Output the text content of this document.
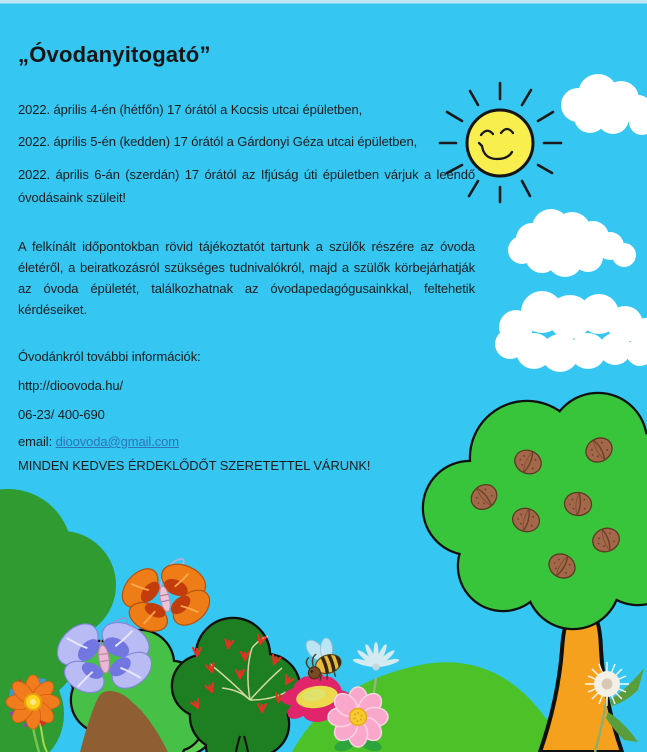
„Óvodanyitogató”

2022. április 4-én (hétfőn) 17 órától a Kocsis utcai épületben,

2022. április 5-én (kedden) 17 órától a Gárdonyi Géza utcai épületben,

2022. április 6-án (szerdán) 17 órától az Ifjúság úti épületben várjuk a leendő óvodásaink szüleit!

A felkínált időpontokban rövid tájékoztatót tartunk a szülők részére az óvoda életéről, a beiratkozásról szükséges tudnivalókról, majd a szülők körbejárhatják az óvoda épületét, találkozhatnak az óvodapedagógusainkkal, feltehetik kérdéseiket.

Óvodánkról további információk:

http://dioovoda.hu/

06-23/ 400-690

email: dioovoda@gmail.com

MINDEN KEDVES ÉRDEKLŐDŐT SZERETETTEL VÁRUNK!
